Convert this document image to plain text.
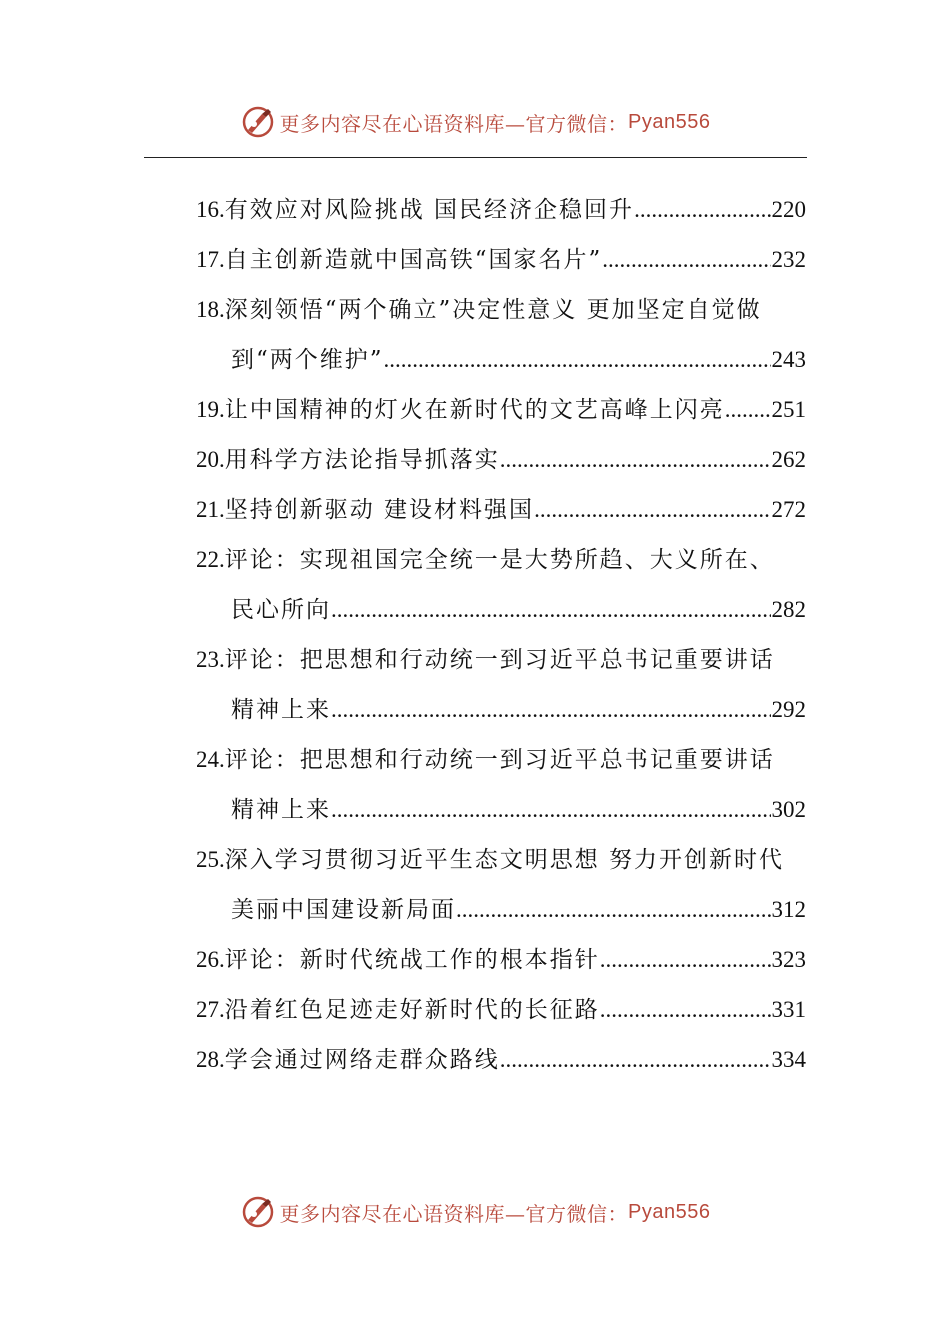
更多内容尽在心语资料库—官方微信： Pyan556
16.有效应对风险挑战 国民经济企稳回升 .....	220
17.自主创新造就中国高铁“国家名片” .....	232
18.深刻领悟“两个确立”决定性意义 更加坚定自觉做
到“两个维护” .....	243
19.让中国精神的灯火在新时代的文艺高峰上闪亮 ..... 251
20.用科学方法论指导抓落实 .....	262
21.坚持创新驱动 建设材料强国 .....	272
22.评论：实现祖国完全统一是大势所趋、大义所在、
民心所向 .....	282
23.评论：把思想和行动统一到习近平总书记重要讲话
精神上来 .....	292
24.评论：把思想和行动统一到习近平总书记重要讲话
精神上来 .....	302
25.深入学习贯彻习近平生态文明思想 努力开创新时代
美丽中国建设新局面 .....	312
26.评论：新时代统战工作的根本指针 .....	323
27.沿着红色足迹走好新时代的长征路 .....	331
28.学会通过网络走群众路线 .....	334
更多内容尽在心语资料库—官方微信： Pyan556
